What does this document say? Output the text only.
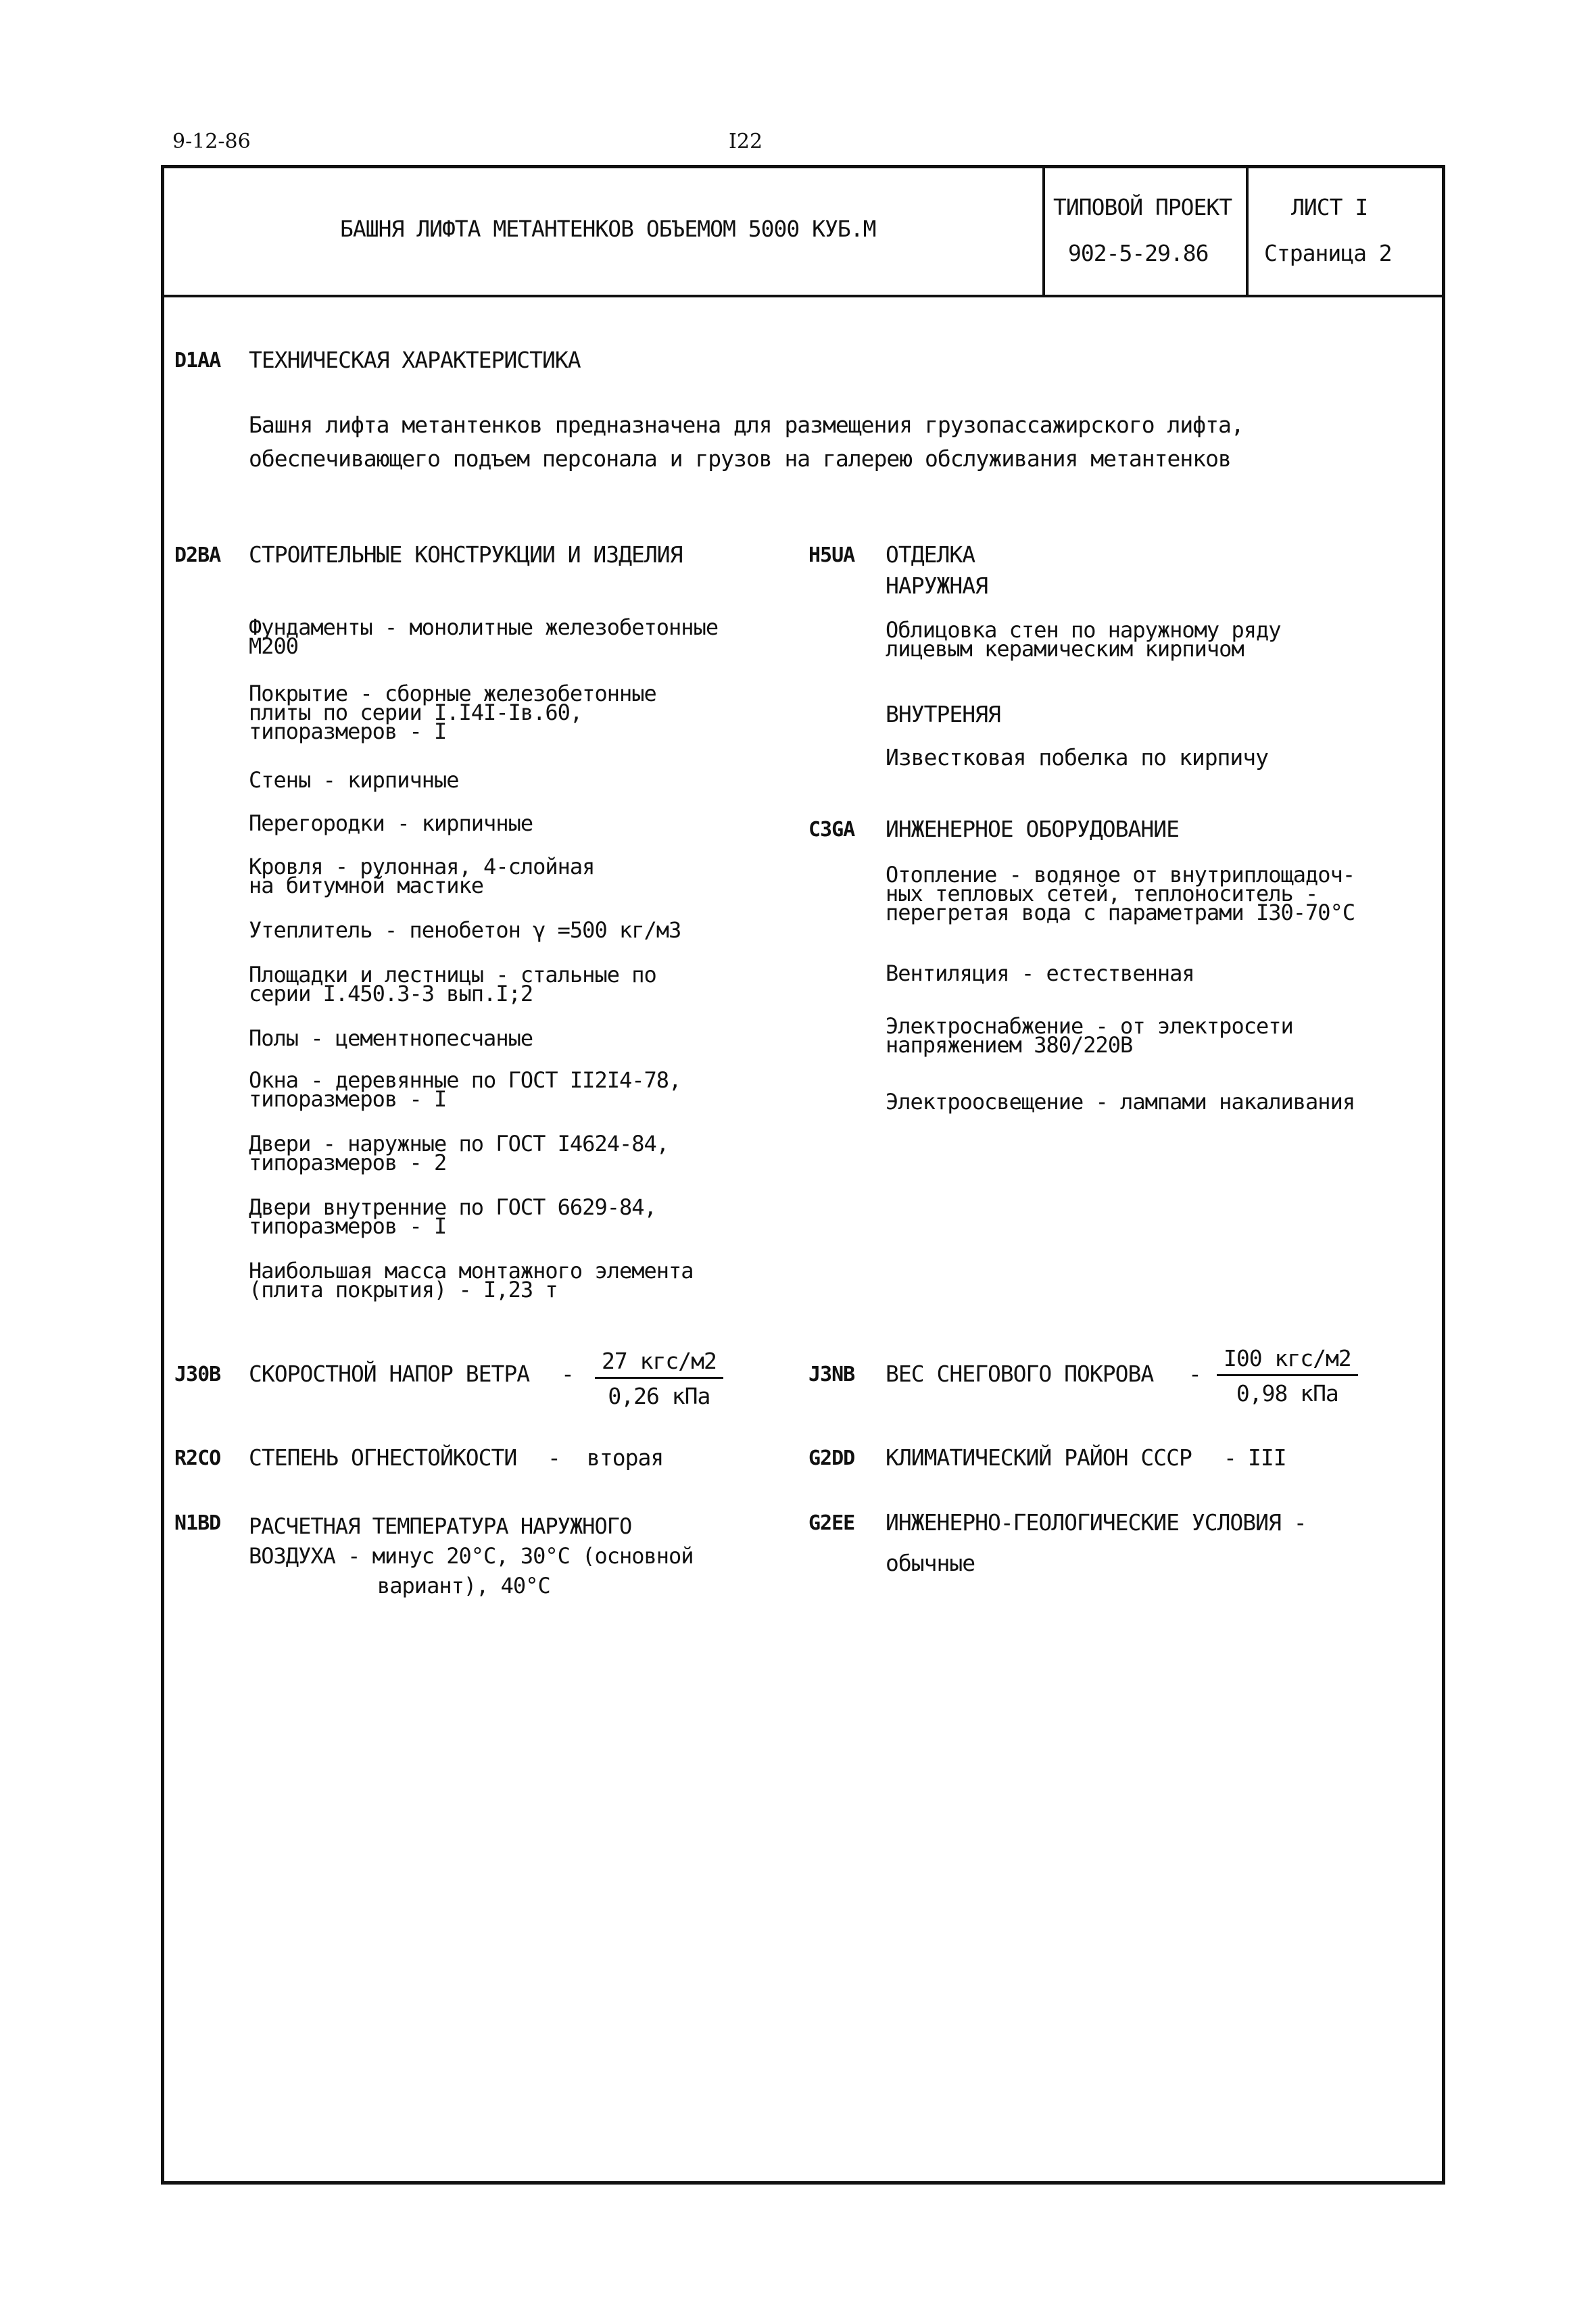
9-12-86	I22
БАШНЯ ЛИФТА МЕТАНТЕНКОВ ОБЪЕМОМ 5000 КУБ.М
ТИПОВОЙ ПРОЕКТ
902-5-29.86
ЛИСТ I
Страница 2
D1AA ТЕХНИЧЕСКАЯ ХАРАКТЕРИСТИКА
Башня лифта метантенков предназначена для размещения грузопассажирского лифта,
обеспечивающего подъем персонала и грузов на галерею обслуживания метантенков
D2BA СТРОИТЕЛЬНЫЕ КОНСТРУКЦИИ И ИЗДЕЛИЯ
Фундаменты - монолитные железобетонные
М200
Покрытие - сборные железобетонные
плиты по серии I.I4I-Iв.60,
типоразмеров - I
Стены - кирпичные
Перегородки - кирпичные
Кровля - рулонная, 4-слойная
на битумной мастике
Утеплитель - пенобетон γ =500 кг/м3
Площадки и лестницы - стальные по
серии I.450.3-3 вып.I;2
Полы - цементнопесчаные
Окна - деревянные по ГОСТ II2I4-78,
типоразмеров - I
Двери - наружные по ГОСТ I4624-84,
типоразмеров - 2
Двери внутренние по ГОСТ 6629-84,
типоразмеров - I
Наибольшая масса монтажного элемента
(плита покрытия) - I,23 т
H5UA ОТДЕЛКА
НАРУЖНАЯ
Облицовка стен по наружному ряду
лицевым керамическим кирпичом
ВНУТРЕНЯЯ
Известковая побелка по кирпичу
C3GA ИНЖЕНЕРНОЕ ОБОРУДОВАНИЕ
Отопление - водяное от внутриплощадоч-
ных тепловых сетей, теплоноситель -
перегретая вода с параметрами I30-70°C
Вентиляция - естественная
Электроснабжение - от электросети
напряжением 380/220В
Электроосвещение - лампами накаливания
J30B СКОРОСТНОЙ НАПОР ВЕТРА -	27 кгс/м2
0,26 кПа
J3NB ВЕС СНЕГОВОГО ПОКРОВА -
I00 кгс/м2
0,98 кПа
R2CO СТЕПЕНЬ ОГНЕСТОЙКОСТИ - вторая	G2DD КЛИМАТИЧЕСКИЙ РАЙОН СССР - III
N1BD РАСЧЕТНАЯ ТЕМПЕРАТУРА НАРУЖНОГО
ВОЗДУХА - минус 20°С, 30°С (основной
вариант), 40°С
G2EE ИНЖЕНЕРНО-ГЕОЛОГИЧЕСКИЕ УСЛОВИЯ -
обычные
